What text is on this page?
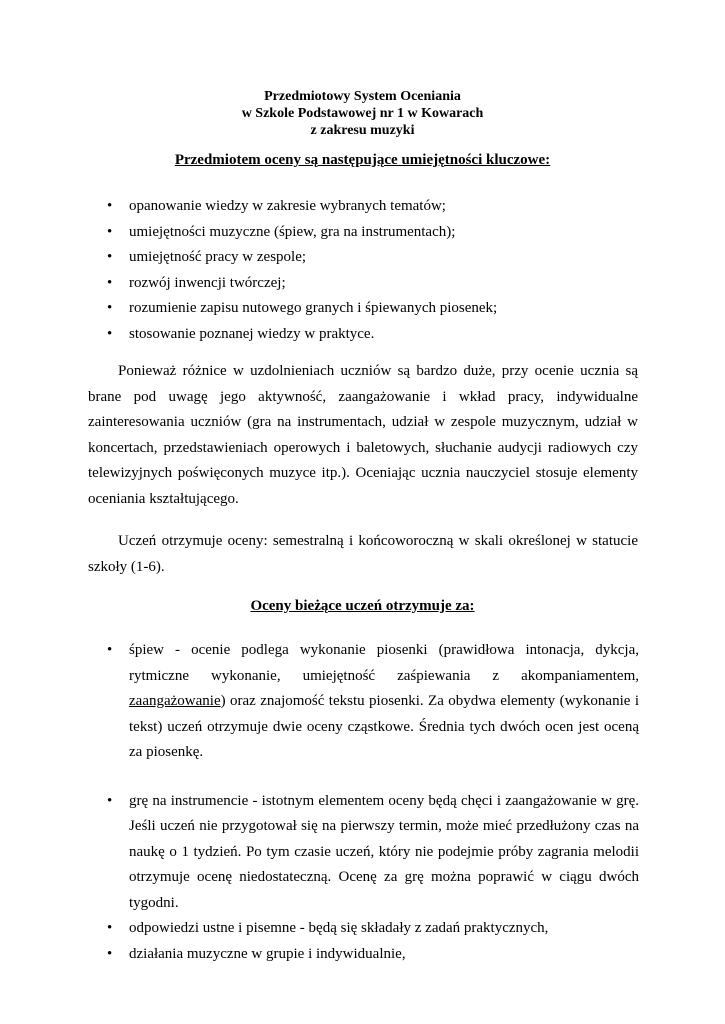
Przedmiotowy System Oceniania
w Szkole Podstawowej nr 1 w Kowarach
z zakresu muzyki
Przedmiotem oceny są następujące umiejętności kluczowe:
• opanowanie wiedzy w zakresie wybranych tematów;
• umiejętności muzyczne (śpiew, gra na instrumentach);
• umiejętność pracy w zespole;
• rozwój inwencji twórczej;
• rozumienie zapisu nutowego granych i śpiewanych piosenek;
• stosowanie poznanej wiedzy w praktyce.

Ponieważ różnice w uzdolnieniach uczniów są bardzo duże, przy ocenie ucznia są brane pod uwagę jego aktywność, zaangażowanie i wkład pracy, indywidualne zainteresowania uczniów (gra na instrumentach, udział w zespole muzycznym, udział w koncertach, przedstawieniach operowych i baletowych, słuchanie audycji radiowych czy telewizyjnych poświęconych muzyce itp.). Oceniając ucznia nauczyciel stosuje elementy oceniania kształtującego.

Uczeń otrzymuje oceny: semestralną i końcoworoczną w skali określonej w statucie szkoły (1-6).

Oceny bieżące uczeń otrzymuje za:
• śpiew - ocenie podlega wykonanie piosenki (prawidłowa intonacja, dykcja, rytmiczne wykonanie, umiejętność zaśpiewania z akompaniamentem, zaangażowanie) oraz znajomość tekstu piosenki. Za obydwa elementy (wykonanie i tekst) uczeń otrzymuje dwie oceny cząstkowe. Średnia tych dwóch ocen jest oceną za piosenkę.
• grę na instrumencie - istotnym elementem oceny będą chęci i zaangażowanie w grę. Jeśli uczeń nie przygotował się na pierwszy termin, może mieć przedłużony czas na naukę o 1 tydzień. Po tym czasie uczeń, który nie podejmie próby zagrania melodii otrzymuje ocenę niedostateczną. Ocenę za grę można poprawić w ciągu dwóch tygodni.
• odpowiedzi ustne i pisemne - będą się składały z zadań praktycznych,
• działania muzyczne w grupie i indywidualnie,
